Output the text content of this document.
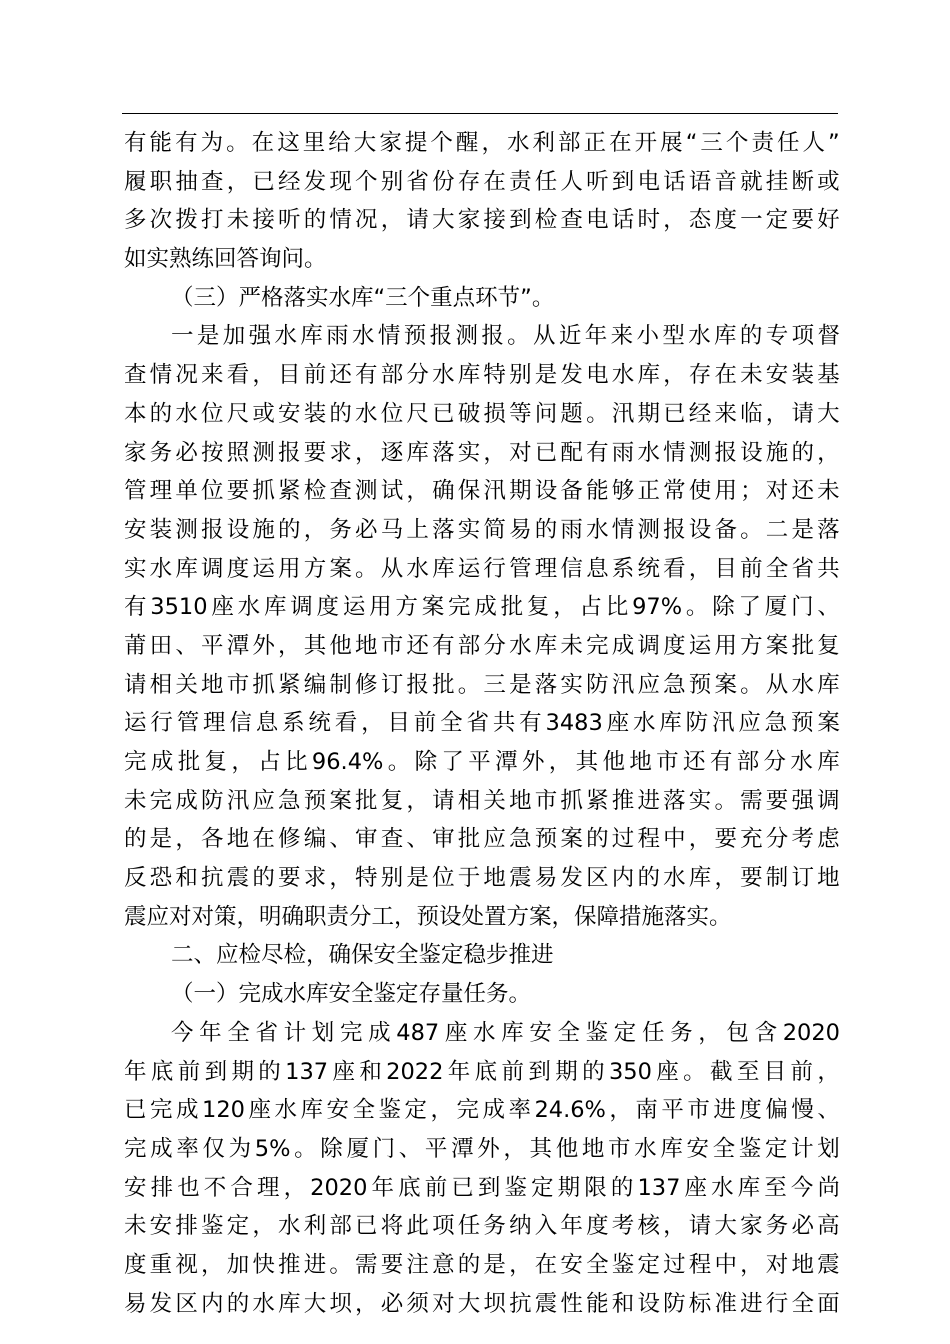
有 能 有 为 。 在 这 里 给 大 家 提 个 醒 ， 水 利 部 正 在 开 展 “ 三 个 责 任 人 ”
履 职 抽 查 ， 已 经 发 现 个 别 省 份 存 在 责 任 人 听 到 电 话 语 音 就 挂 断 或
多 次 拨 打 未 接 听 的 情 况 ， 请 大 家 接 到 检 查 电 话 时 ， 态 度 一 定 要 好
如实熟练回答询问。
（三）严格落实水库“三个重点环节”。
一 是 加 强 水 库 雨 水 情 预 报 测 报 。 从 近 年 来 小 型 水 库 的 专 项 督
查 情 况 来 看 ， 目 前 还 有 部 分 水 库 特 别 是 发 电 水 库 ， 存 在 未 安 装 基
本 的 水 位 尺 或 安 装 的 水 位 尺 已 破 损 等 问 题 。 汛 期 已 经 来 临 ， 请 大
家 务 必 按 照 测 报 要 求 ， 逐 库 落 实 ， 对 已 配 有 雨 水 情 测 报 设 施 的 ，
管 理 单 位 要 抓 紧 检 查 测 试 ， 确 保 汛 期 设 备 能 够 正 常 使 用 ； 对 还 未
安 装 测 报 设 施 的 ， 务 必 马 上 落 实 简 易 的 雨 水 情 测 报 设 备 。 二 是 落
实 水 库 调 度 运 用 方 案 。 从 水 库 运 行 管 理 信 息 系 统 看 ， 目 前 全 省 共
有 3510 座 水 库 调 度 运 用 方 案 完 成 批 复 ， 占 比 97% 。 除 了 厦 门 、
莆 田 、 平 潭 外 ， 其 他 地 市 还 有 部 分 水 库 未 完 成 调 度 运 用 方 案 批 复
请 相 关 地 市 抓 紧 编 制 修 订 报 批 。 三 是 落 实 防 汛 应 急 预 案 。 从 水 库
运 行 管 理 信 息 系 统 看 ， 目 前 全 省 共 有 3483 座 水 库 防 汛 应 急 预 案
完 成 批 复 ， 占 比 96.4% 。 除 了 平 潭 外 ， 其 他 地 市 还 有 部 分 水 库
未 完 成 防 汛 应 急 预 案 批 复 ， 请 相 关 地 市 抓 紧 推 进 落 实 。 需 要 强 调
的 是 ， 各 地 在 修 编 、 审 查 、 审 批 应 急 预 案 的 过 程 中 ， 要 充 分 考 虑
反 恐 和 抗 震 的 要 求 ， 特 别 是 位 于 地 震 易 发 区 内 的 水 库 ， 要 制 订 地
震应对对策，明确职责分工，预设处置方案，保障措施落实。
二、应检尽检，确保安全鉴定稳步推进
（一）完成水库安全鉴定存量任务。
今 年 全 省 计 划 完 成 487 座 水 库 安 全 鉴 定 任 务 ， 包 含 2020
年 底 前 到 期 的 137 座 和 2022 年 底 前 到 期 的 350 座 。 截 至 目 前 ，
已 完 成 120 座 水 库 安 全 鉴 定 ， 完 成 率 24.6% ， 南 平 市 进 度 偏 慢 、
完 成 率 仅 为 5% 。 除 厦 门 、 平 潭 外 ， 其 他 地 市 水 库 安 全 鉴 定 计 划
安 排 也 不 合 理 ， 2020 年 底 前 已 到 鉴 定 期 限 的 137 座 水 库 至 今 尚
未 安 排 鉴 定 ， 水 利 部 已 将 此 项 任 务 纳 入 年 度 考 核 ， 请 大 家 务 必 高
度 重 视 ， 加 快 推 进 。 需 要 注 意 的 是 ， 在 安 全 鉴 定 过 程 中 ， 对 地 震
易 发 区 内 的 水 库 大 坝 ， 必 须 对 大 坝 抗 震 性 能 和 设 防 标 准 进 行 全 面
